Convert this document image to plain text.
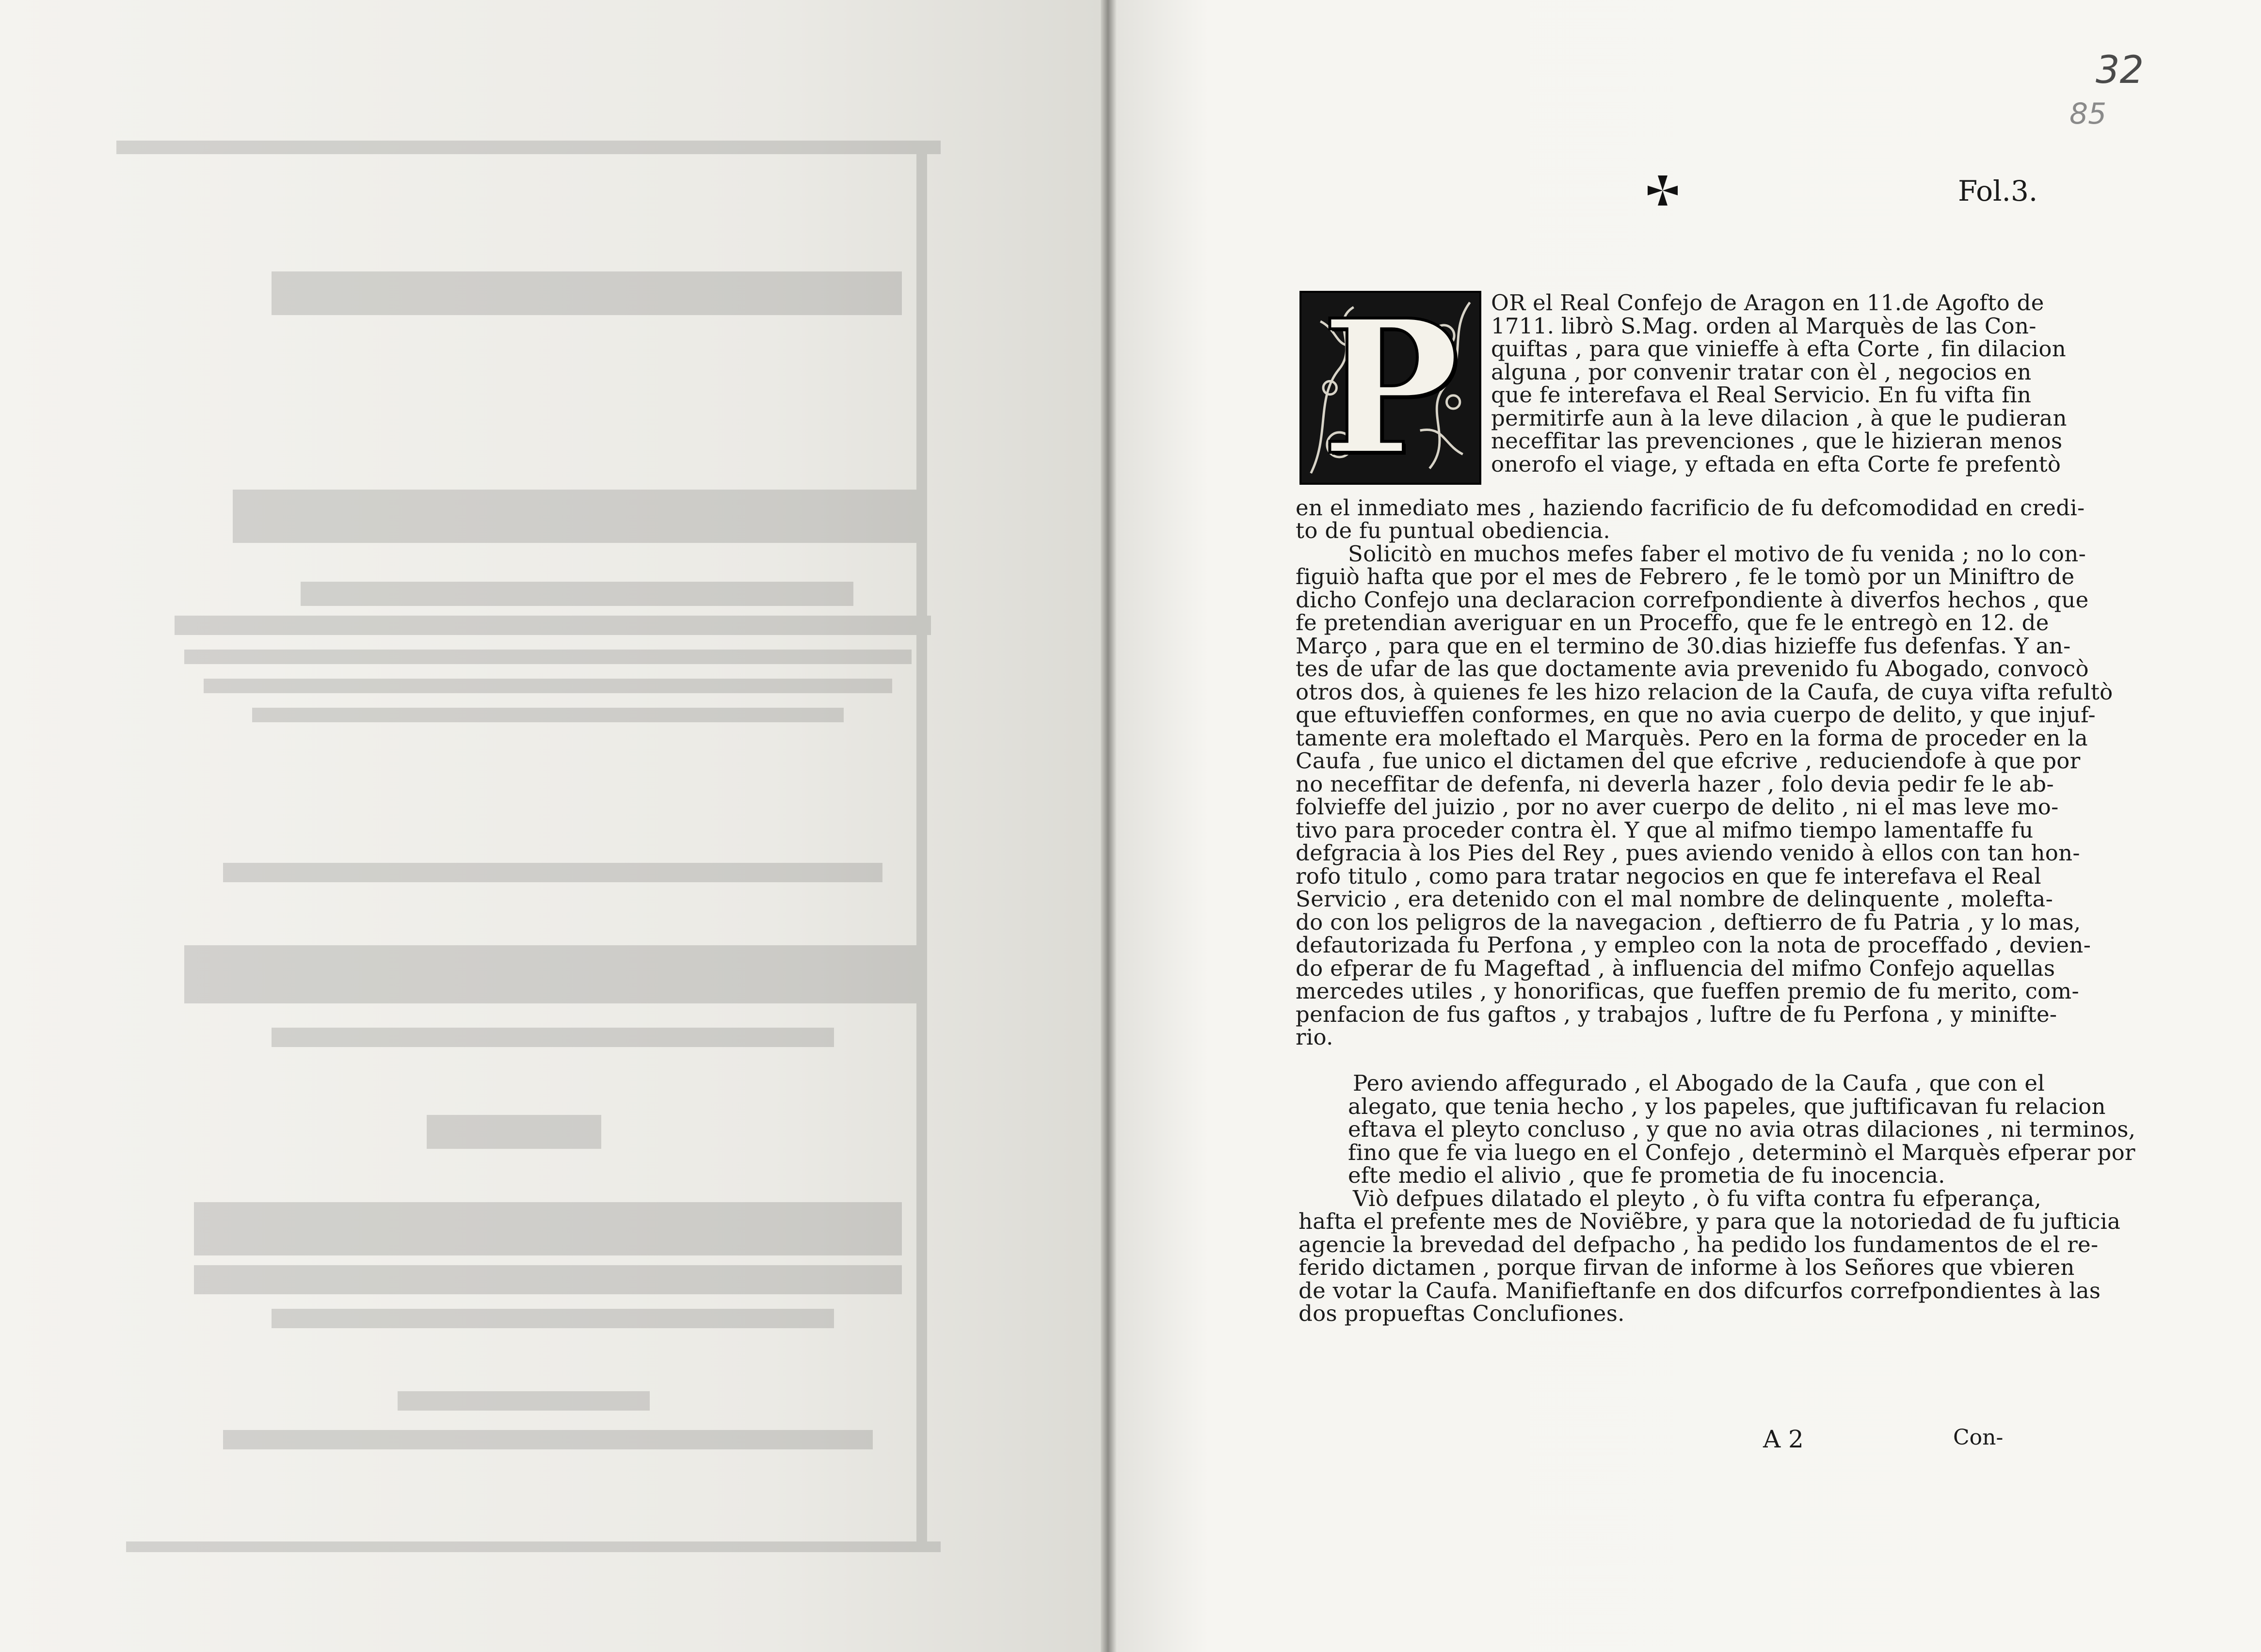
32
85
Fol.3.
P	OR el Real Confejo de Aragon en 11.de Agofto de
1711. librò S.Mag. orden al Marquès de las Con-
quiftas , para que vinieffe à efta Corte , fin dilacion
alguna , por convenir tratar con èl , negocios en
que fe interefava el Real Servicio. En fu vifta fin
permitirfe aun à la leve dilacion , à que le pudieran
neceffitar las prevenciones , que le hizieran menos
onerofo el viage, y eftada en efta Corte fe prefentò
en el inmediato mes , haziendo facrificio de fu defcomodidad en credi-
to de fu puntual obediencia.
Solicitò en muchos mefes faber el motivo de fu venida ; no lo con-
figuiò hafta que por el mes de Febrero , fe le tomò por un Miniftro de
dicho Confejo una declaracion correfpondiente à diverfos hechos , que
fe pretendian averiguar en un Proceffo, que fe le entregò en 12. de
Março , para que en el termino de 30.dias hizieffe fus defenfas. Y an-
tes de ufar de las que doctamente avia prevenido fu Abogado, convocò
otros dos, à quienes fe les hizo relacion de la Caufa, de cuya vifta refultò
que eftuvieffen conformes, en que no avia cuerpo de delito, y que injuf-
tamente era moleftado el Marquès. Pero en la forma de proceder en la
Caufa , fue unico el dictamen del que efcrive , reduciendofe à que por
no neceffitar de defenfa, ni deverla hazer , folo devia pedir fe le ab-
folvieffe del juizio , por no aver cuerpo de delito , ni el mas leve mo-
tivo para proceder contra èl. Y que al mifmo tiempo lamentaffe fu
defgracia à los Pies del Rey , pues aviendo venido à ellos con tan hon-
rofo titulo , como para tratar negocios en que fe interefava el Real
Servicio , era detenido con el mal nombre de delinquente , molefta-
do con los peligros de la navegacion , deftierro de fu Patria , y lo mas,
defautorizada fu Perfona , y empleo con la nota de proceffado , devien-
do efperar de fu Mageftad , à influencia del mifmo Confejo aquellas
mercedes utiles , y honorificas, que fueffen premio de fu merito, com-
penfacion de fus gaftos , y trabajos , luftre de fu Perfona , y minifte-
rio.
Pero aviendo affegurado , el Abogado de la Caufa , que con el
alegato, que tenia hecho , y los papeles, que juftificavan fu relacion
eftava el pleyto concluso , y que no avia otras dilaciones , ni terminos,
fino que fe via luego en el Confejo , determinò el Marquès efperar por
efte medio el alivio , que fe prometia de fu inocencia.
Viò defpues dilatado el pleyto , ò fu vifta contra fu efperança,
hafta el prefente mes de Noviẽbre, y para que la notoriedad de fu jufticia
agencie la brevedad del defpacho , ha pedido los fundamentos de el re-
ferido dictamen , porque firvan de informe à los Señores que vbieren
de votar la Caufa. Manifieftanfe en dos difcurfos correfpondientes à las
dos propueftas Conclufiones.
A 2	Con-
